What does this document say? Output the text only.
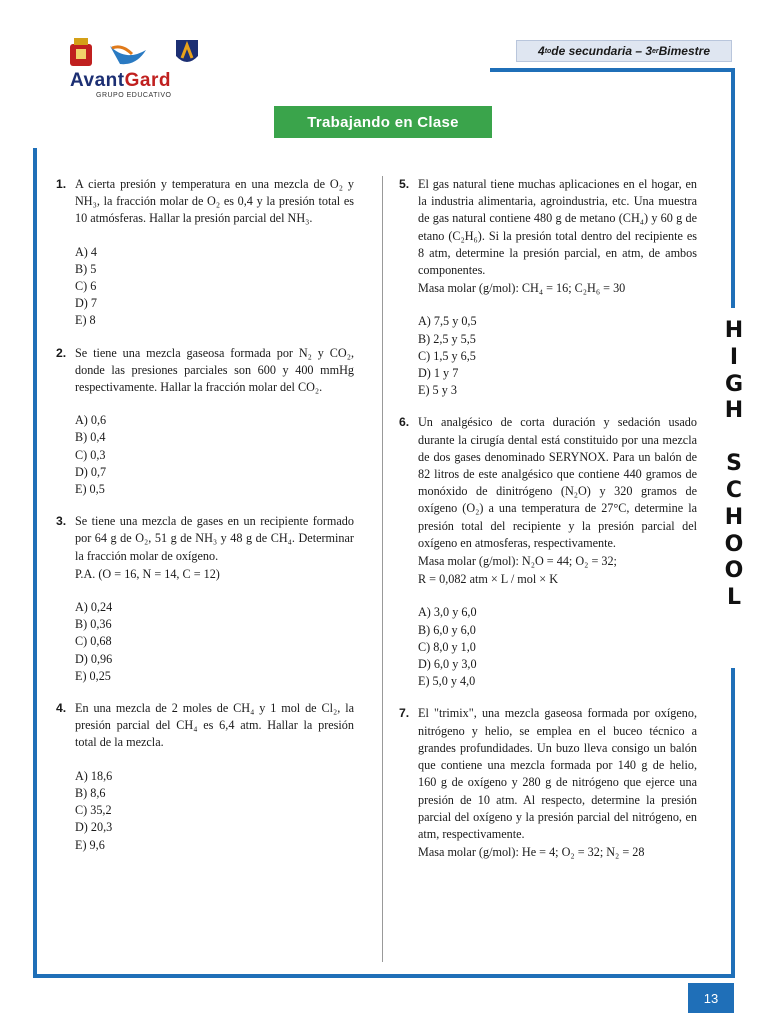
AvantGard
GRUPO EDUCATIVO
4 to de secundaria – 3 er Bimestre
Trabajando en Clase
H
I
G
H
S
C
H
O
O
L
1. A cierta presión y temperatura en una mezcla de O₂ y NH₃, la fracción molar de O₂ es 0,4 y la presión total es 10 atmósferas. Hallar la presión parcial del NH₃.
A) 4
B) 5
C) 6
D) 7
E) 8
2. Se tiene una mezcla gaseosa formada por N₂ y CO₂, donde las presiones parciales son 600 y 400 mmHg respectivamente. Hallar la fracción molar del CO₂.
A) 0,6
B) 0,4
C) 0,3
D) 0,7
E) 0,5
3. Se tiene una mezcla de gases en un recipiente formado por 64 g de O₂, 51 g de NH₃ y 48 g de CH₄. Determinar la fracción molar de oxígeno.
P.A. (O = 16, N = 14, C = 12)
A) 0,24
B) 0,36
C) 0,68
D) 0,96
E) 0,25
4. En una mezcla de 2 moles de CH₄ y 1 mol de Cl₂, la presión parcial del CH₄ es 6,4 atm. Hallar la presión total de la mezcla.
A) 18,6
B) 8,6
C) 35,2
D) 20,3
E) 9,6
5. El gas natural tiene muchas aplicaciones en el hogar, en la industria alimentaria, agroindustria, etc. Una muestra de gas natural contiene 480 g de metano (CH₄) y 60 g de etano (C₂H₆). Si la presión total dentro del recipiente es 8 atm, determine la presión parcial, en atm, de ambos componentes.
Masa molar (g/mol): CH₄ = 16; C₂H₆ = 30
A) 7,5 y 0,5
B) 2,5 y 5,5
C) 1,5 y 6,5
D) 1 y 7
E) 5 y 3
6. Un analgésico de corta duración y sedación usado durante la cirugía dental está constituido por una mezcla de dos gases denominado SERYNOX. Para un balón de 82 litros de este analgésico que contiene 440 gramos de monóxido de dinitrógeno (N₂O) y 320 gramos de oxígeno (O₂) a una temperatura de 27°C, determine la presión total del recipiente y la presión parcial del oxígeno en atmosferas, respectivamente.
Masa molar (g/mol): N₂O = 44; O₂ = 32;
R = 0,082 atm × L / mol × K
A) 3,0 y 6,0
B) 6,0 y 6,0
C) 8,0 y 1,0
D) 6,0 y 3,0
E) 5,0 y 4,0
7. El "trimix", una mezcla gaseosa formada por oxígeno, nitrógeno y helio, se emplea en el buceo técnico a grandes profundidades. Un buzo lleva consigo un balón que contiene una mezcla formada por 140 g de helio, 160 g de oxígeno y 280 g de nitrógeno que ejerce una presión de 10 atm. Al respecto, determine la presión parcial del oxígeno y la presión parcial del nitrógeno, en atm, respectivamente.
Masa molar (g/mol): He = 4; O₂ = 32; N₂ = 28
13
